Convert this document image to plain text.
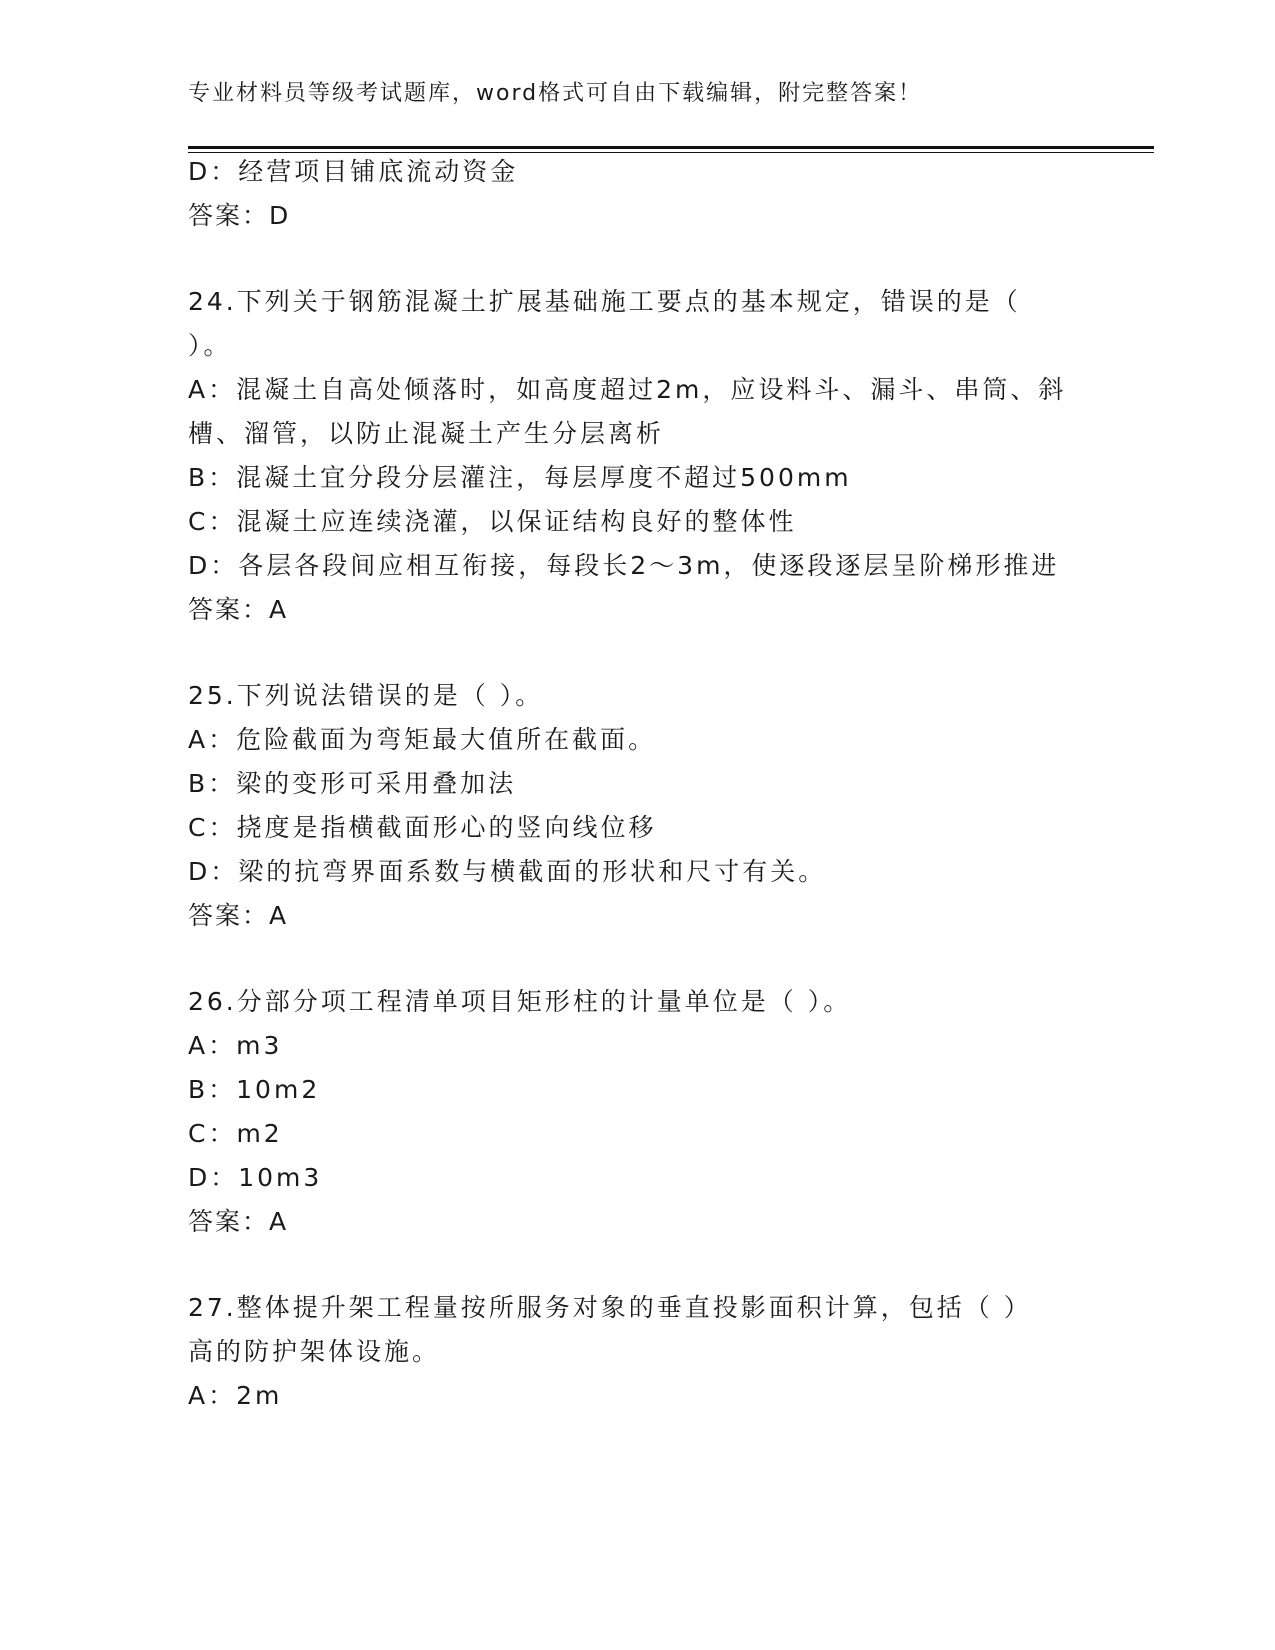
专业材料员等级考试题库，word格式可自由下载编辑，附完整答案！
D：经营项目铺底流动资金
答案：D
24.下列关于钢筋混凝土扩展基础施工要点的基本规定，错误的是（
）。
A：混凝土自高处倾落时，如高度超过2m，应设料斗、漏斗、串筒、斜
槽、溜管，以防止混凝土产生分层离析
B：混凝土宜分段分层灌注，每层厚度不超过500mm
C：混凝土应连续浇灌，以保证结构良好的整体性
D：各层各段间应相互衔接，每段长2～3m，使逐段逐层呈阶梯形推进
答案：A
25.下列说法错误的是（ ）。
A：危险截面为弯矩最大值所在截面。
B：梁的变形可采用叠加法
C：挠度是指横截面形心的竖向线位移
D：梁的抗弯界面系数与横截面的形状和尺寸有关。
答案：A
26.分部分项工程清单项目矩形柱的计量单位是（ ）。
A：m3
B：10m2
C：m2
D：10m3
答案：A
27.整体提升架工程量按所服务对象的垂直投影面积计算，包括（ ）
高的防护架体设施。
A：2m
